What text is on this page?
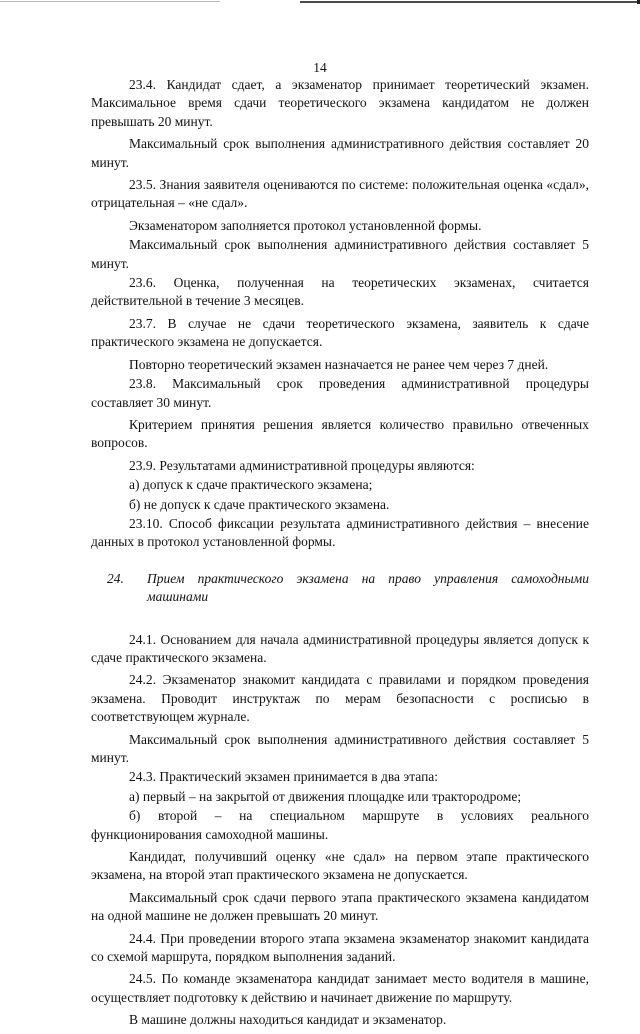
14

23.4. Кандидат сдает, а экзаменатор принимает теоретический экзамен. Максимальное время сдачи теоретического экзамена кандидатом не должен превышать 20 минут.

Максимальный срок выполнения административного действия составляет 20 минут.

23.5. Знания заявителя оцениваются по системе: положительная оценка «сдал», отрицательная – «не сдал».

Экзаменатором заполняется протокол установленной формы.

Максимальный срок выполнения административного действия составляет 5 минут.

23.6. Оценка, полученная на теоретических экзаменах, считается действительной в течение 3 месяцев.

23.7. В случае не сдачи теоретического экзамена, заявитель к сдаче практического экзамена не допускается.

Повторно теоретический экзамен назначается не ранее чем через 7 дней.

23.8. Максимальный срок проведения административной процедуры составляет 30 минут.

Критерием принятия решения является количество правильно отвеченных вопросов.

23.9. Результатами административной процедуры являются:

а) допуск к сдаче практического экзамена;

б) не допуск к сдаче практического экзамена.

23.10. Способ фиксации результата административного действия – внесение данных в протокол установленной формы.

24.	Прием практического экзамена на право управления самоходными машинами

24.1. Основанием для начала административной процедуры является допуск к сдаче практического экзамена.

24.2. Экзаменатор знакомит кандидата с правилами и порядком проведения экзамена. Проводит инструктаж по мерам безопасности с росписью в соответствующем журнале.

Максимальный срок выполнения административного действия составляет 5 минут.

24.3. Практический экзамен принимается в два этапа:

а) первый – на закрытой от движения площадке или трактородроме;

б) второй – на специальном маршруте в условиях реального функционирования самоходной машины.

Кандидат, получивший оценку «не сдал» на первом этапе практического экзамена, на второй этап практического экзамена не допускается.

Максимальный срок сдачи первого этапа практического экзамена кандидатом на одной машине не должен превышать 20 минут.

24.4. При проведении второго этапа экзамена экзаменатор знакомит кандидата со схемой маршрута, порядком выполнения заданий.

24.5. По команде экзаменатора кандидат занимает место водителя в машине, осуществляет подготовку к действию и начинает движение по маршруту.

В машине должны находиться кандидат и экзаменатор.
